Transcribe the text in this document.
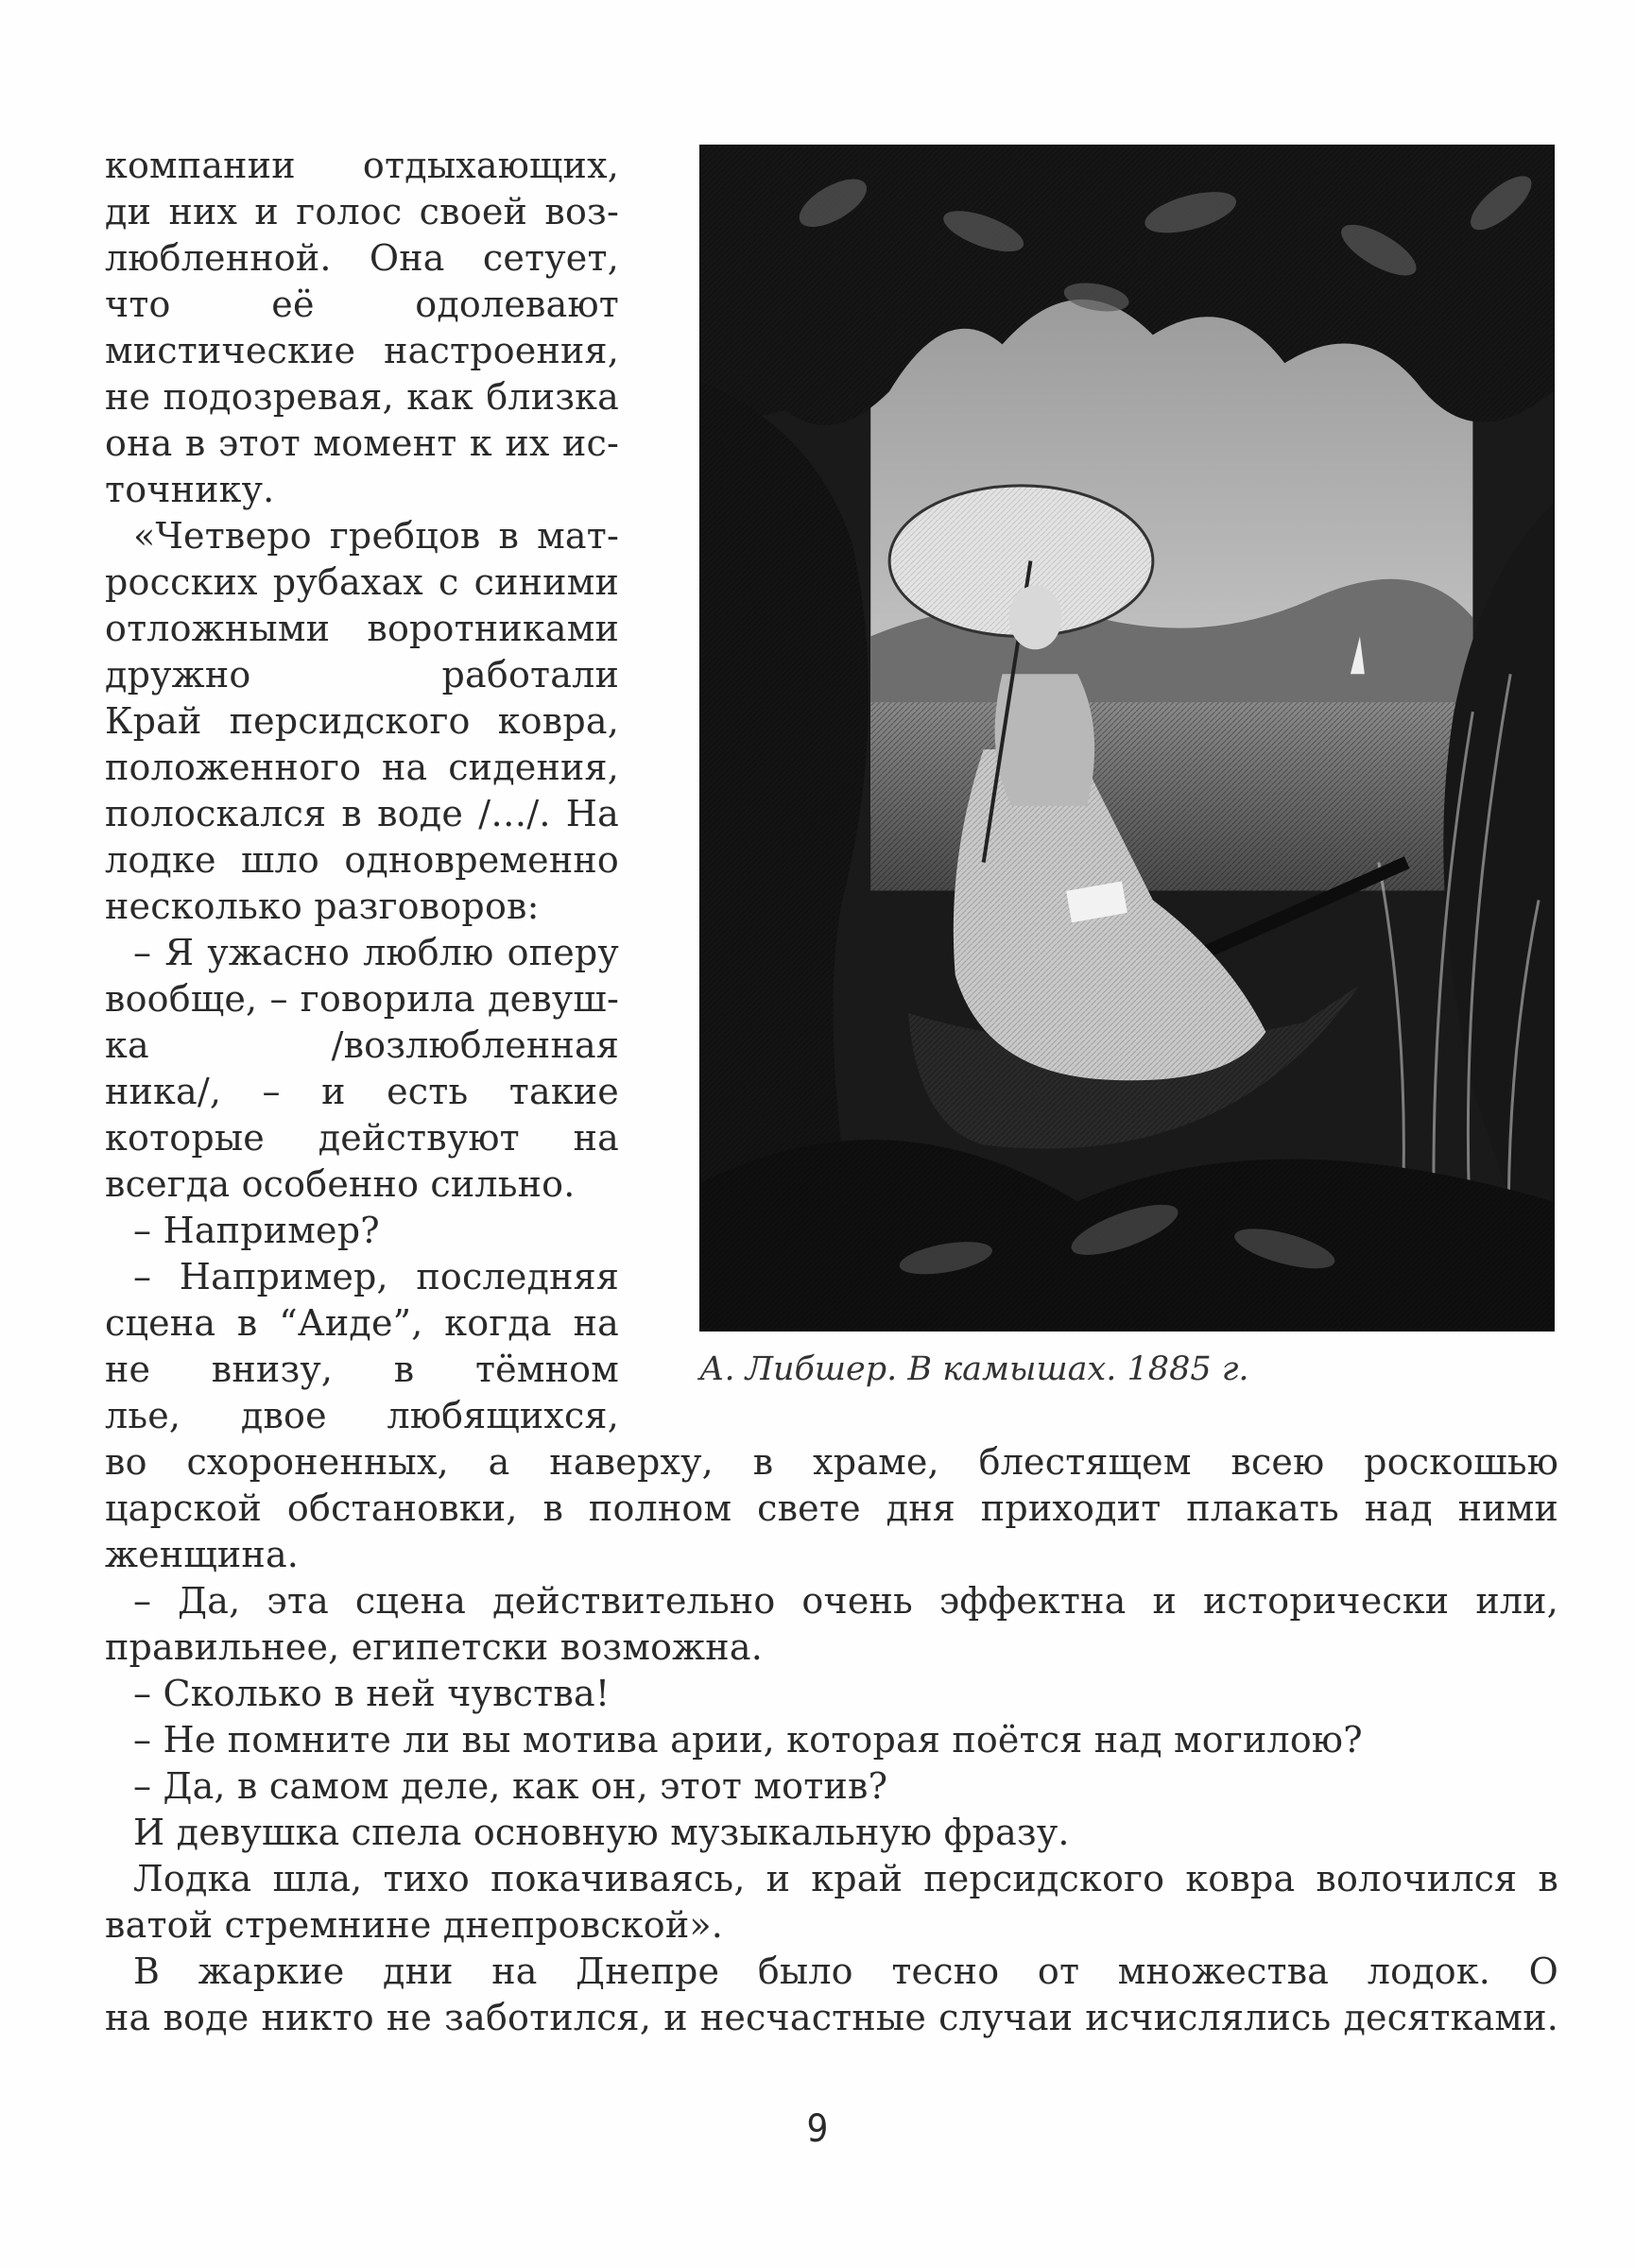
компании отдыхающих,
ди них и голос своей воз-
любленной. Она сетует,
что её одолевают
мистические настроения,
не подозревая, как близка
она в этот момент к их ис-
точнику.
«Четверо гребцов в мат-
росских рубахах с синими
отложными воротниками
дружно работали
Край персидского ковра,
положенного на сидения,
полоскался в воде /…/. На
лодке шло одновременно
несколько разговоров:
– Я ужасно люблю оперу
вообще, – говорила девуш-
ка /возлюбленная
ника/, – и есть такие
которые действуют на
всегда особенно сильно.
– Например?
– Например, последняя
сцена в “Аиде”, когда на
не внизу, в тёмном
лье, двое любящихся,
А. Либшер. В камышах. 1885 г.
во схороненных, а наверху, в храме, блестящем всею роскошью
царской обстановки, в полном свете дня приходит плакать над ними
женщина.
– Да, эта сцена действительно очень эффектна и исторически или,
правильнее, египетски возможна.
– Сколько в ней чувства!
– Не помните ли вы мотива арии, которая поётся над могилою?
– Да, в самом деле, как он, этот мотив?
И девушка спела основную музыкальную фразу.
Лодка шла, тихо покачиваясь, и край персидского ковра волочился в
ватой стремнине днепровской».
В жаркие дни на Днепре было тесно от множества лодок. О
на воде никто не заботился, и несчастные случаи исчислялись десятками.
9
